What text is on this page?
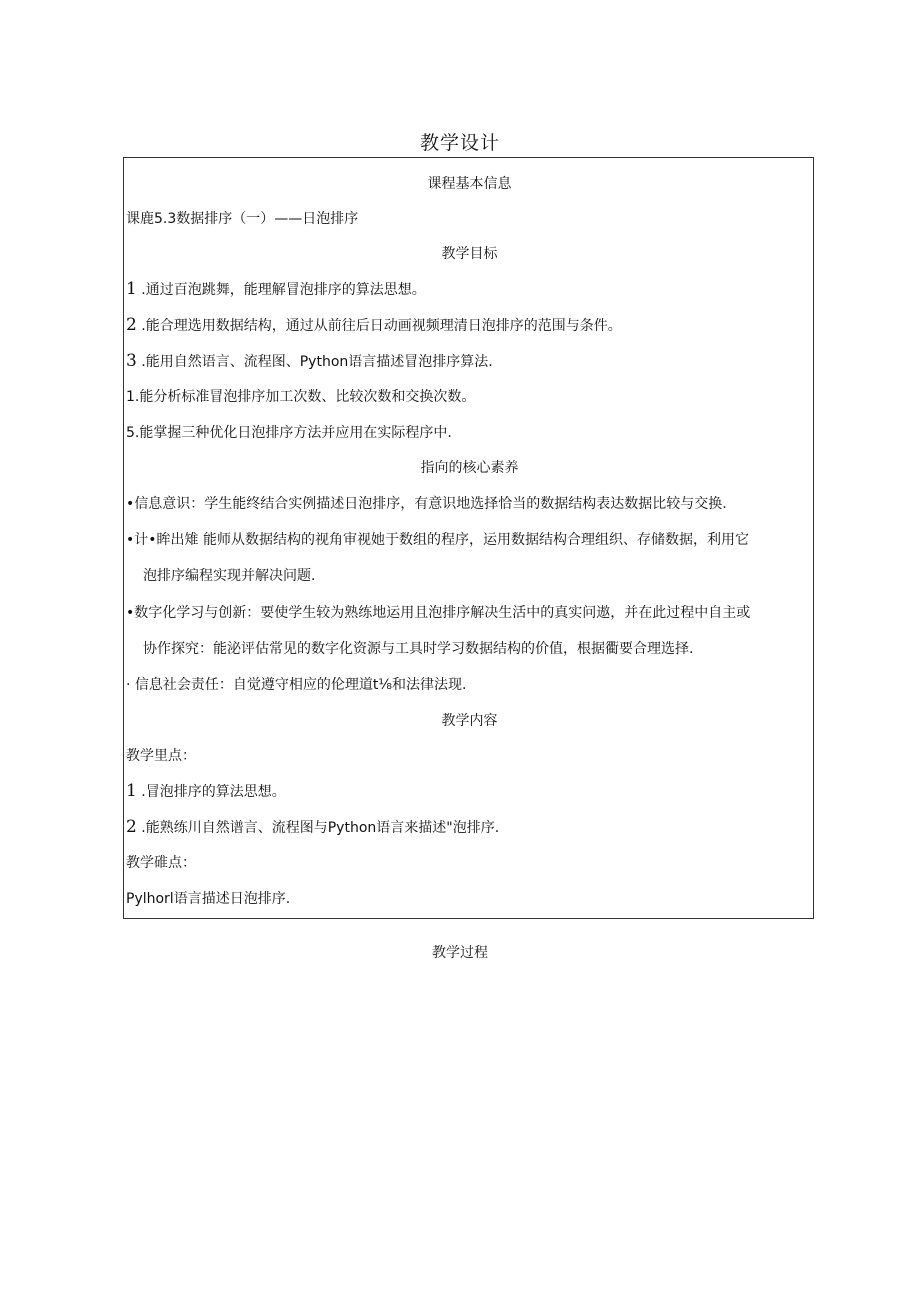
教学设计
课程基本信息
课鹿5.3数据排序（一）——日泡排序
教学目标
1 .通过百泡跳舞，能理解冒泡排序的算法思想。
2 .能合理选用数据结构，通过从前往后日动画视频理清日泡排序的范围与条件。
3 .能用自然语言、流程图、Python语言描述冒泡排序算法.
1.能分析标准冒泡排序加工次数、比较次数和交换次数。
5.能掌握三种优化日泡排序方法并应用在实际程序中.
指向的核心素养
•信息意识：学生能终结合实例描述日泡排序，有意识地选择恰当的数据结构表达数据比较与交换.
•计•眸出雉 能师从数据结构的视角审视她于数组的程序，运用数据结构合理组织、存储数据，利用它
泡排序编程实现并解决问题.
•数字化学习与创新：要使学生较为熟练地运用且泡排序解决生活中的真实问遨，并在此过程中自主或
协作探究：能泌评估常见的数字化资源与工具时学习数据结构的价值，根据衢要合理选择.
· 信息社会责任：自觉遵守相应的伦理道t⅛和法律法现.
教学内容
教学里点：
1 .冒泡排序的算法思想。
2 .能熟练川自然谱言、流程图与Python语言来描述"泡排序.
教学碓点：
Pylhorl语言描述日泡排序.
教学过程
